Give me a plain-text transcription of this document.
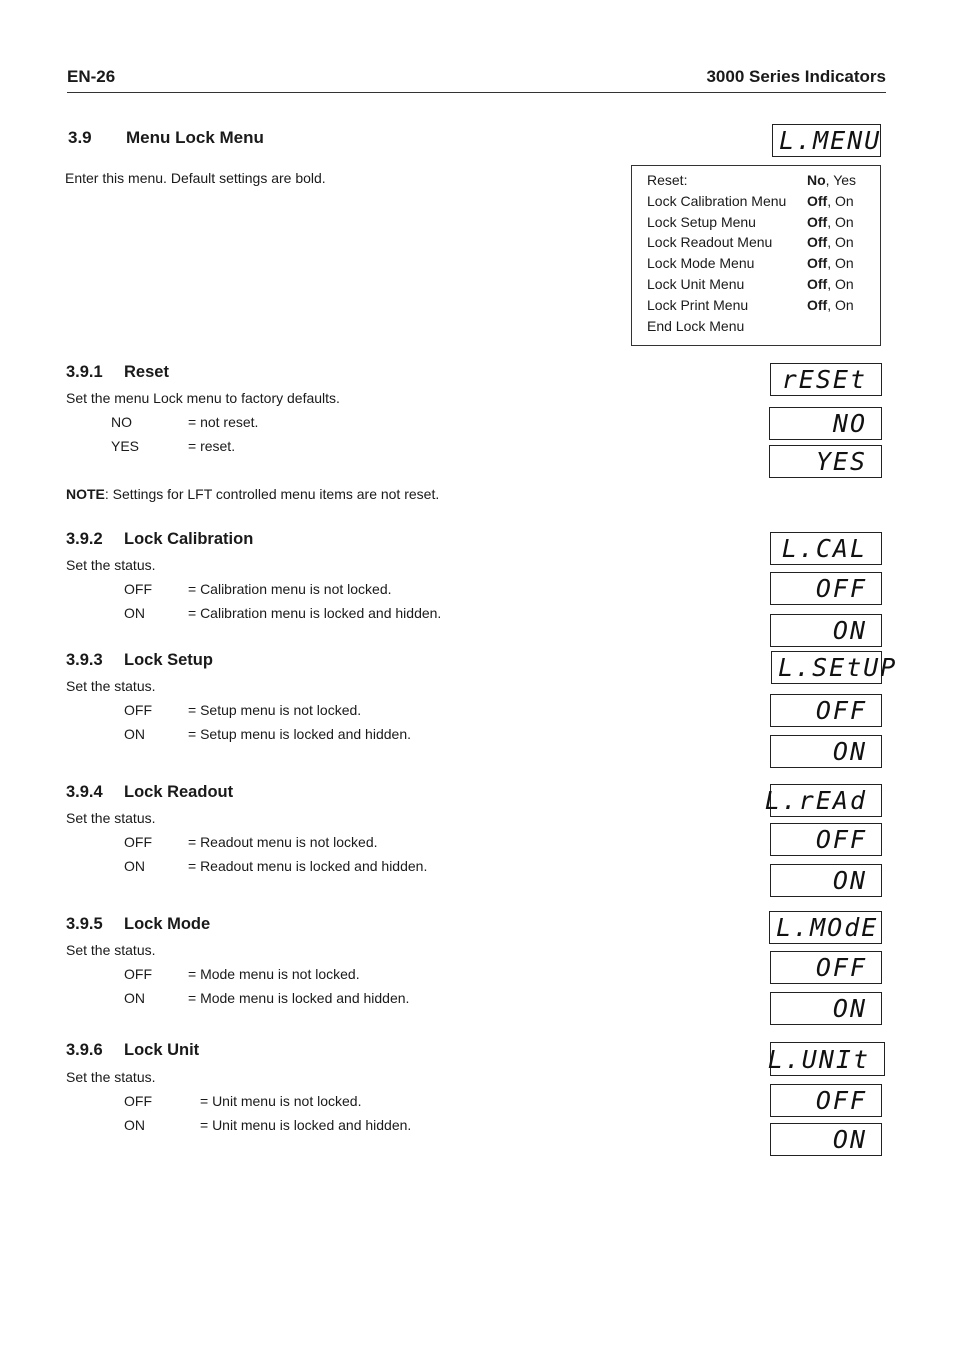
EN-26	3000 Series Indicators
3.9 Menu Lock Menu
Enter this menu. Default settings are bold.
L.MENU
Reset:	No, Yes
Lock Calibration Menu Off, On
Lock Setup Menu	Off, On
Lock Readout Menu Off, On
Lock Mode Menu	Off, On
Lock Unit Menu	Off, On
Lock Print Menu	Off, On
End Lock Menu
3.9.1 Reset
Set the menu Lock menu to factory defaults.
NO	= not reset.
YES	= reset.
NOTE: Settings for LFT controlled menu items are not reset.
rESEt
NO
YES
3.9.2 Lock Calibration
Set the status.
OFF	= Calibration menu is not locked.
ON	= Calibration menu is locked and hidden.
L.CAL
OFF
ON
3.9.3 Lock Setup
Set the status.
OFF	= Setup menu is not locked.
ON	= Setup menu is locked and hidden.
L.SEtUP
OFF
ON
3.9.4 Lock Readout
Set the status.
OFF	= Readout menu is not locked.
ON	= Readout menu is locked and hidden.
L.rEAd
OFF
ON
3.9.5 Lock Mode
Set the status.
OFF	= Mode menu is not locked.
ON	= Mode menu is locked and hidden.
L.MOdE
OFF
ON
3.9.6 Lock Unit
Set the status.
OFF	= Unit menu is not locked.
ON	= Unit menu is locked and hidden.
L.UNIt
OFF
ON
